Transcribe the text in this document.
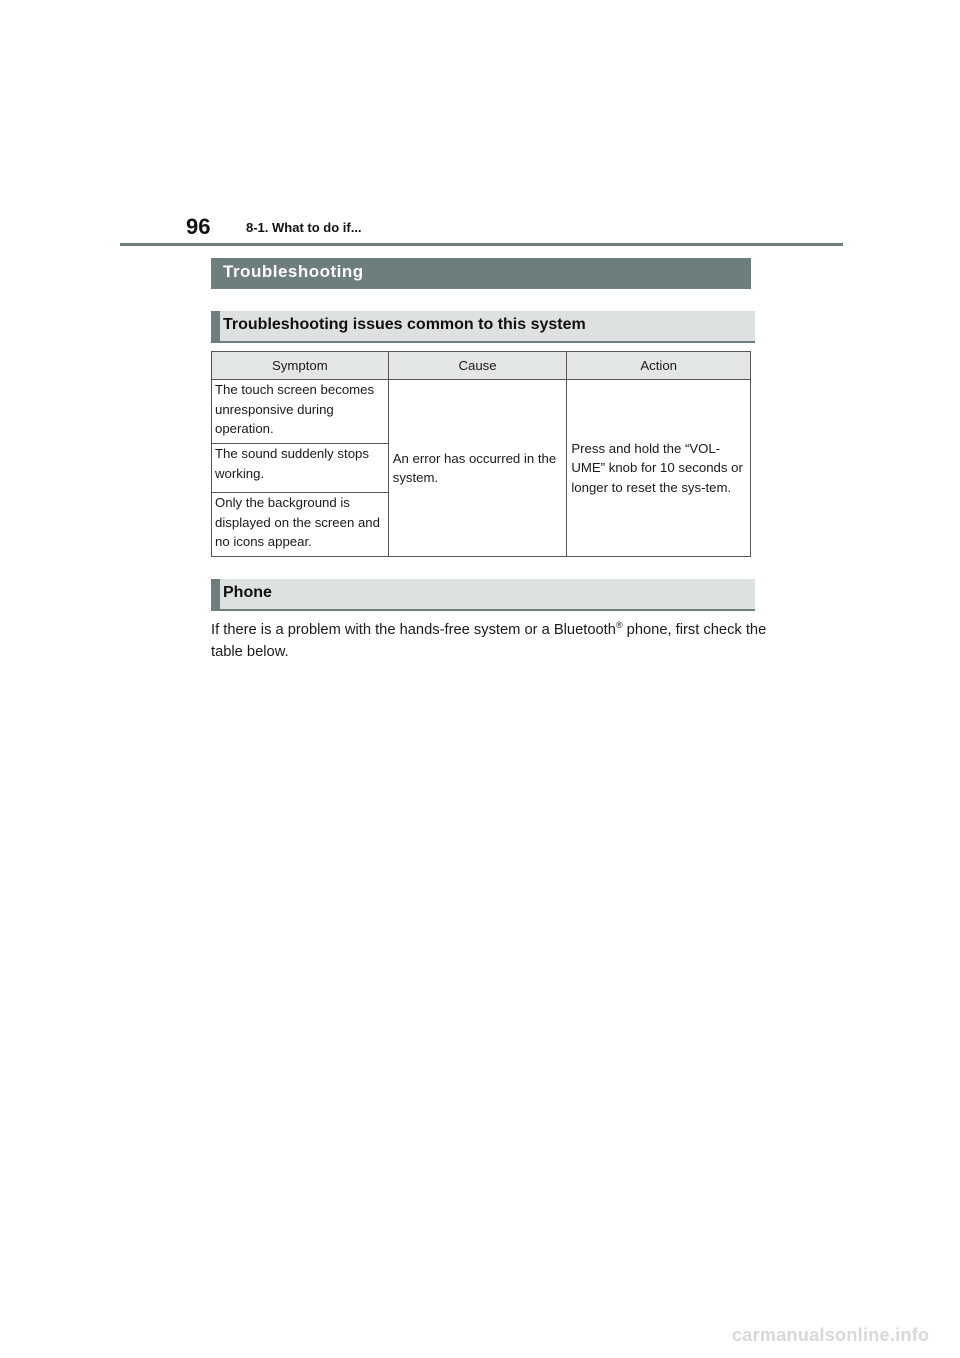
96	8-1. What to do if...
Troubleshooting
Troubleshooting issues common to this system
Symptom	Cause	Action
The touch screen becomes unresponsive during operation.	An error has occurred in the system.	Press and hold the “VOL-UME” knob for 10 seconds or longer to reset the sys-tem.
The sound suddenly stops working.		
Only the background is displayed on the screen and no icons appear.		
Phone

If there is a problem with the hands-free system or a Bluetooth® phone, first check the table below.

carmanualsonline.info
